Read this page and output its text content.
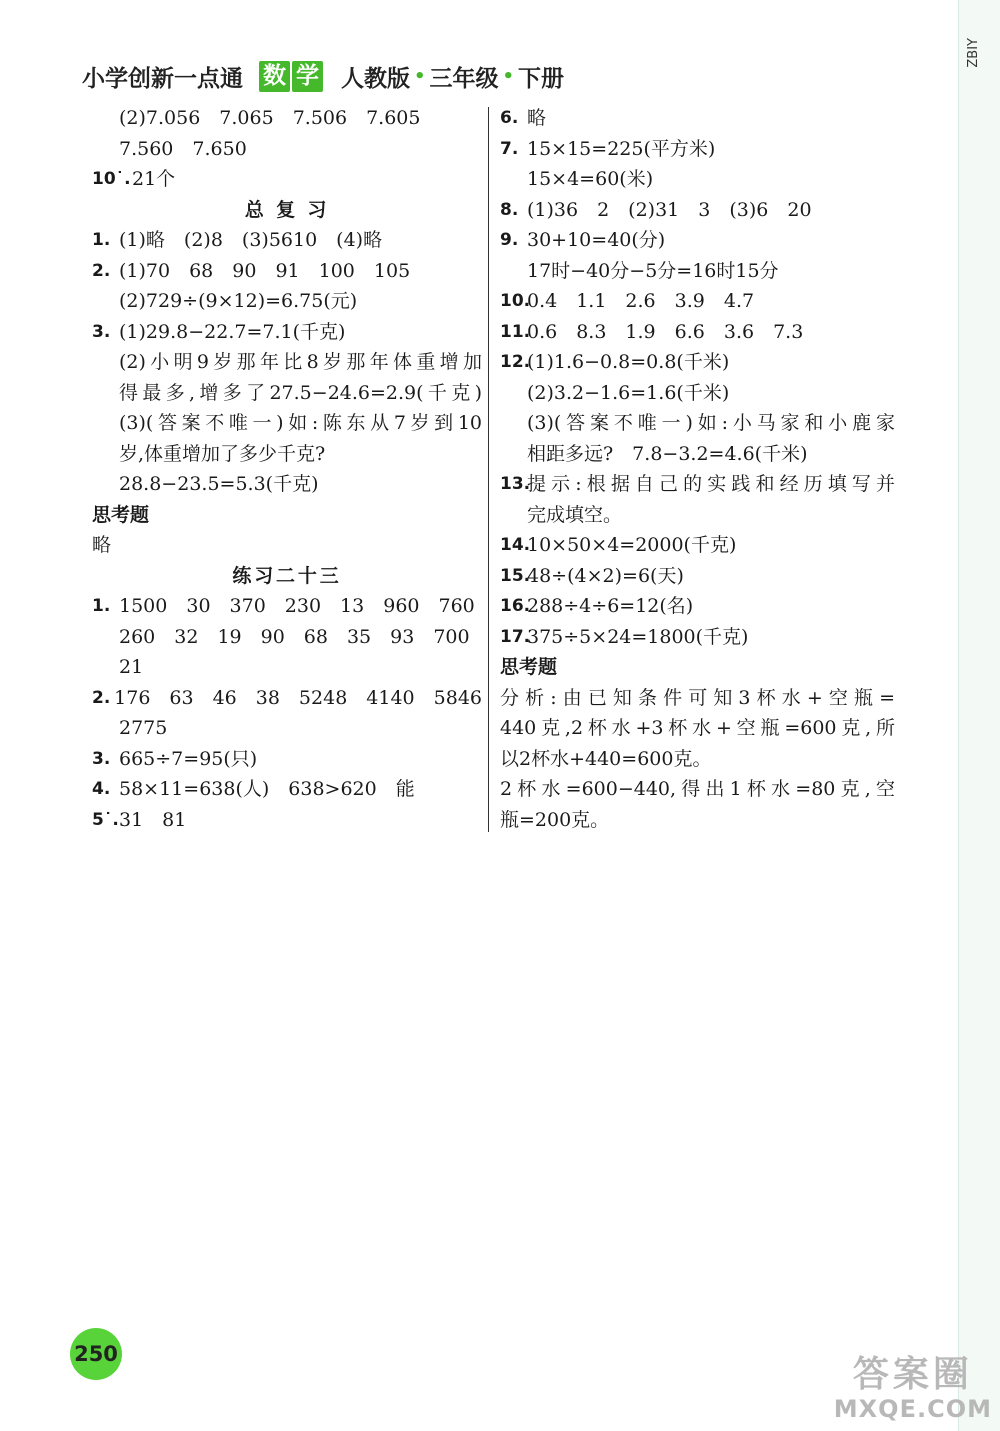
ZBIY
小学创新一点通 数 学 人教版 • 三年级 • 下册
(2)7.056　7.065　7.506　7.605
7.560　7.650
10˙. 21个
总 复 习
1. (1)略　(2)8　(3)5610　(4)略
2. (1)70　68　90　91　100　105
(2)729÷(9×12)=6.75(元)
3. (1)29.8−22.7=7.1(千克)
(2)小明9岁那年比8岁那年体重增加
得最多,增多了27.5−24.6=2.9(千克)
(3)(答案不唯一)如:陈东从7岁到10
岁,体重增加了多少千克?
28.8−23.5=5.3(千克)
思考题
略
练习二十三
1. 1500　30　370　230　13　960　760
260　32　19　90　68　35　93　700
21
2. 176　63　46　38　5248　4140　5846
2775
3. 665÷7=95(只)
4. 58×11=638(人)　638>620　能
5˙. 31　81
6. 略
7. 15×15=225(平方米)
15×4=60(米)
8. (1)36　2　(2)31　3　(3)6　20
9. 30+10=40(分)
17时−40分−5分=16时15分
10.
0.4　1.1　2.6　3.9　4.7
11.
0.6　8.3　1.9　6.6　3.6　7.3
12.
(1)1.6−0.8=0.8(千米)
(2)3.2−1.6=1.6(千米)
(3)(答案不唯一)如:小马家和小鹿家
相距多远?　7.8−3.2=4.6(千米)
13.
提示:根据自己的实践和经历填写并
完成填空。
14.
10×50×4=2000(千克)
15.
48÷(4×2)=6(天)
16.
288÷4÷6=12(名)
17.
375÷5×24=1800(千克)
思考题
分析:由已知条件可知3杯水+空瓶=
440克,2杯水+3杯水+空瓶=600克,所
以2杯水+440=600克。
2杯水=600−440,得出1杯水=80克,空
瓶=200克。
250	答案圈
MXQE.COM
